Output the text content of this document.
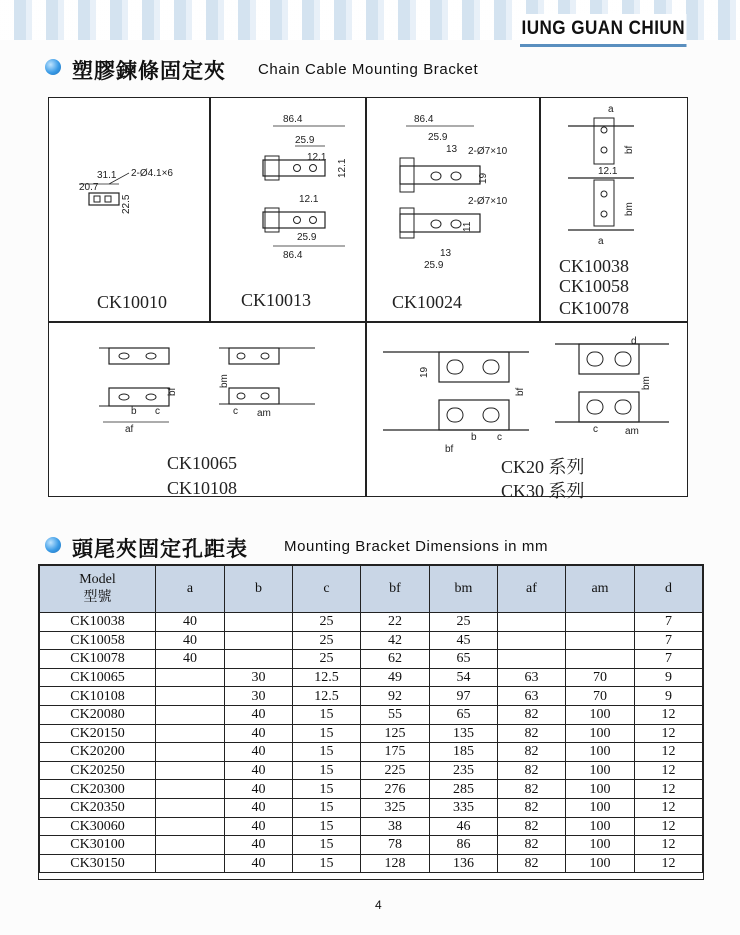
IUNG GUAN CHIUN
塑膠鍊條固定夾 Chain Cable Mounting Bracket
31.1
20.7
2-Ø4.1×6
22.5
CK10010
86.4
25.9
12.1
12.1
12.1
25.9
86.4
CK10013
86.4
25.9
13 2-Ø7×10
19
2-Ø7×10
11
13
25.9
CK10024
a
bf
12.1
bm
a
CK10038
CK10058
CK10078
bf
b c
af
bm
c am
CK10065
CK10108
19
bf
b c
bf
d
bm
c	am
CK20 系列
CK30 系列
頭尾夾固定孔距表 Mounting Bracket Dimensions in mm
Model
型號	a	b	c	bf	bm	af	am	d
CK10038	40		25	22	25			7
CK10058	40		25	42	45			7
CK10078	40		25	62	65			7
CK10065		30	12.5	49	54	63	70	9
CK10108		30	12.5	92	97	63	70	9
CK20080		40	15	55	65	82	100	12
CK20150		40	15	125	135	82	100	12
CK20200		40	15	175	185	82	100	12
CK20250		40	15	225	235	82	100	12
CK20300		40	15	276	285	82	100	12
CK20350		40	15	325	335	82	100	12
CK30060		40	15	38	46	82	100	12
CK30100		40	15	78	86	82	100	12
CK30150		40	15	128	136	82	100	12
4
